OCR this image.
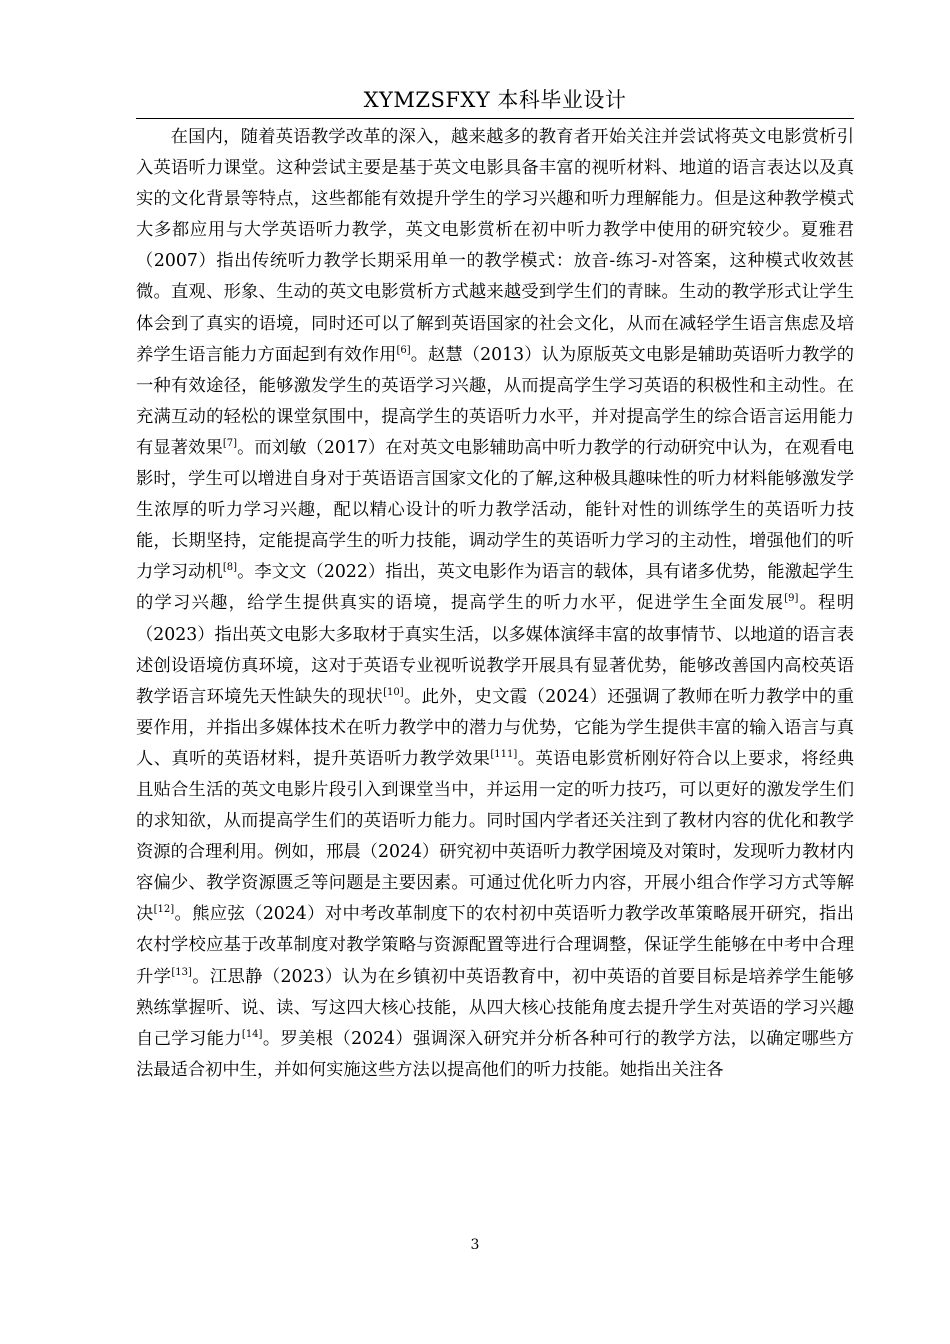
XYMZSFXY 本科毕业设计

在国内，随着英语教学改革的深入，越来越多的教育者开始关注并尝试将英文电影赏析引入英语听力课堂。这种尝试主要是基于英文电影具备丰富的视听材料、地道的语言表达以及真实的文化背景等特点，这些都能有效提升学生的学习兴趣和听力理解能力。但是这种教学模式大多都应用与大学英语听力教学，英文电影赏析在初中听力教学中使用的研究较少。夏雅君（2007）指出传统听力教学长期采用单一的教学模式：放音-练习-对答案，这种模式收效甚微。直观、形象、生动的英文电影赏析方式越来越受到学生们的青睐。生动的教学形式让学生体会到了真实的语境，同时还可以了解到英语国家的社会文化，从而在减轻学生语言焦虑及培养学生语言能力方面起到有效作用[6]。赵慧（2013）认为原版英文电影是辅助英语听力教学的一种有效途径，能够激发学生的英语学习兴趣，从而提高学生学习英语的积极性和主动性。在充满互动的轻松的课堂氛围中，提高学生的英语听力水平，并对提高学生的综合语言运用能力有显著效果[7]。而刘敏（2017）在对英文电影辅助高中听力教学的行动研究中认为，在观看电影时，学生可以增进自身对于英语语言国家文化的了解,这种极具趣味性的听力材料能够激发学生浓厚的听力学习兴趣，配以精心设计的听力教学活动，能针对性的训练学生的英语听力技能，长期坚持，定能提高学生的听力技能，调动学生的英语听力学习的主动性，增强他们的听力学习动机[8]。李文文（2022）指出，英文电影作为语言的载体，具有诸多优势，能激起学生的学习兴趣，给学生提供真实的语境，提高学生的听力水平，促进学生全面发展[9]。程明（2023）指出英文电影大多取材于真实生活，以多媒体演绎丰富的故事情节、以地道的语言表述创设语境仿真环境，这对于英语专业视听说教学开展具有显著优势，能够改善国内高校英语教学语言环境先天性缺失的现状[10]。此外，史文霞（2024）还强调了教师在听力教学中的重要作用，并指出多媒体技术在听力教学中的潜力与优势，它能为学生提供丰富的输入语言与真人、真听的英语材料，提升英语听力教学效果[111]。英语电影赏析刚好符合以上要求，将经典且贴合生活的英文电影片段引入到课堂当中，并运用一定的听力技巧，可以更好的激发学生们的求知欲，从而提高学生们的英语听力能力。同时国内学者还关注到了教材内容的优化和教学资源的合理利用。例如，邢晨（2024）研究初中英语听力教学困境及对策时，发现听力教材内容偏少、教学资源匮乏等问题是主要因素。可通过优化听力内容，开展小组合作学习方式等解决[12]。熊应弦（2024）对中考改革制度下的农村初中英语听力教学改革策略展开研究，指出农村学校应基于改革制度对教学策略与资源配置等进行合理调整，保证学生能够在中考中合理升学[13]。江思静（2023）认为在乡镇初中英语教育中，初中英语的首要目标是培养学生能够熟练掌握听、说、读、写这四大核心技能，从四大核心技能角度去提升学生对英语的学习兴趣自己学习能力[14]。罗美根（2024）强调深入研究并分析各种可行的教学方法，以确定哪些方法最适合初中生，并如何实施这些方法以提高他们的听力技能。她指出关注各

3
